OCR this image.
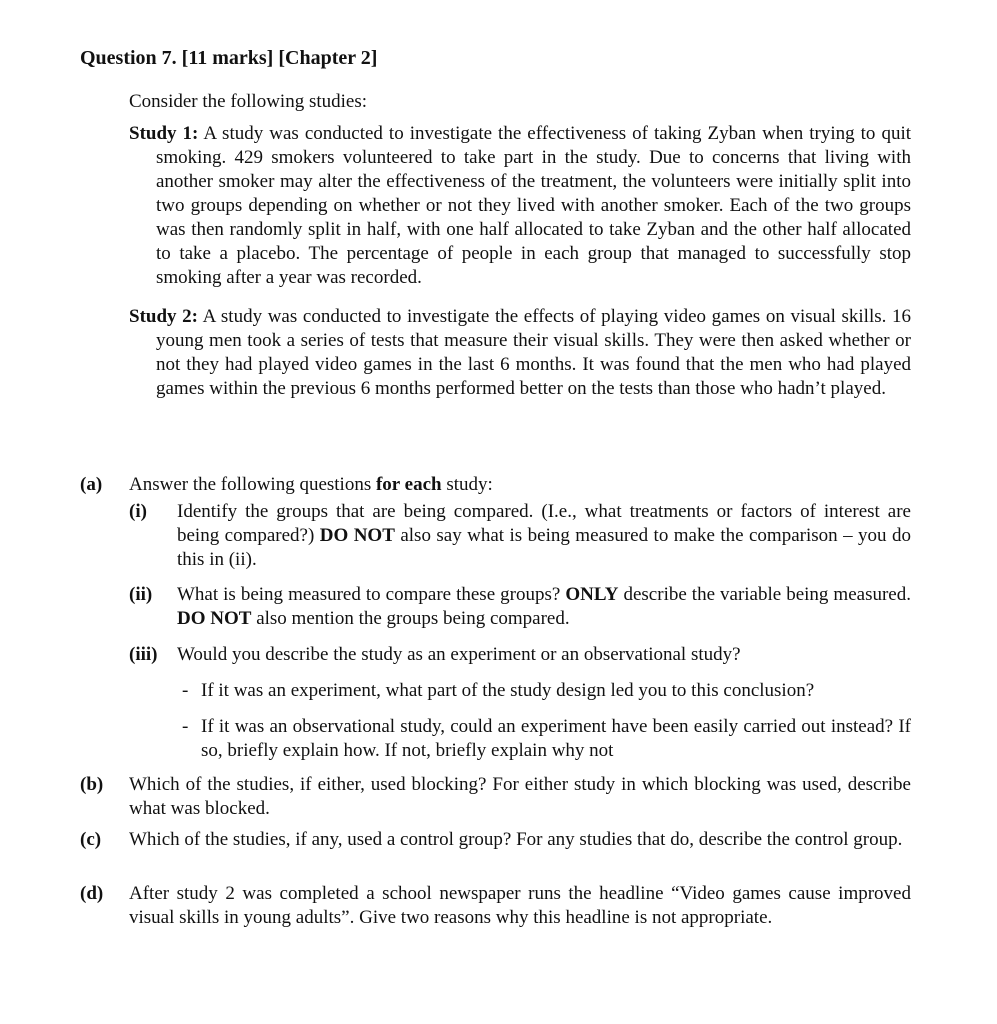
Question 7. [11 marks] [Chapter 2]
Consider the following studies:
Study 1: A study was conducted to investigate the effectiveness of taking Zyban when trying to quit smoking. 429 smokers volunteered to take part in the study. Due to concerns that living with another smoker may alter the effectiveness of the treatment, the volunteers were initially split into two groups depending on whether or not they lived with another smoker. Each of the two groups was then randomly split in half, with one half allocated to take Zyban and the other half allocated to take a placebo. The percentage of people in each group that managed to successfully stop smoking after a year was recorded.
Study 2: A study was conducted to investigate the effects of playing video games on visual skills. 16 young men took a series of tests that measure their visual skills. They were then asked whether or not they had played video games in the last 6 months. It was found that the men who had played games within the previous 6 months performed better on the tests than those who hadn’t played.
(a) Answer the following questions for each study:
(i) Identify the groups that are being compared. (I.e., what treatments or factors of interest are being compared?) DO NOT also say what is being measured to make the comparison – you do this in (ii).
(ii) What is being measured to compare these groups? ONLY describe the variable being measured. DO NOT also mention the groups being compared.
(iii) Would you describe the study as an experiment or an observational study?
- If it was an experiment, what part of the study design led you to this conclusion?
- If it was an observational study, could an experiment have been easily carried out instead? If so, briefly explain how. If not, briefly explain why not
(b) Which of the studies, if either, used blocking? For either study in which blocking was used, describe what was blocked.
(c) Which of the studies, if any, used a control group? For any studies that do, describe the control group.
(d) After study 2 was completed a school newspaper runs the headline “Video games cause improved visual skills in young adults”. Give two reasons why this headline is not appropriate.
